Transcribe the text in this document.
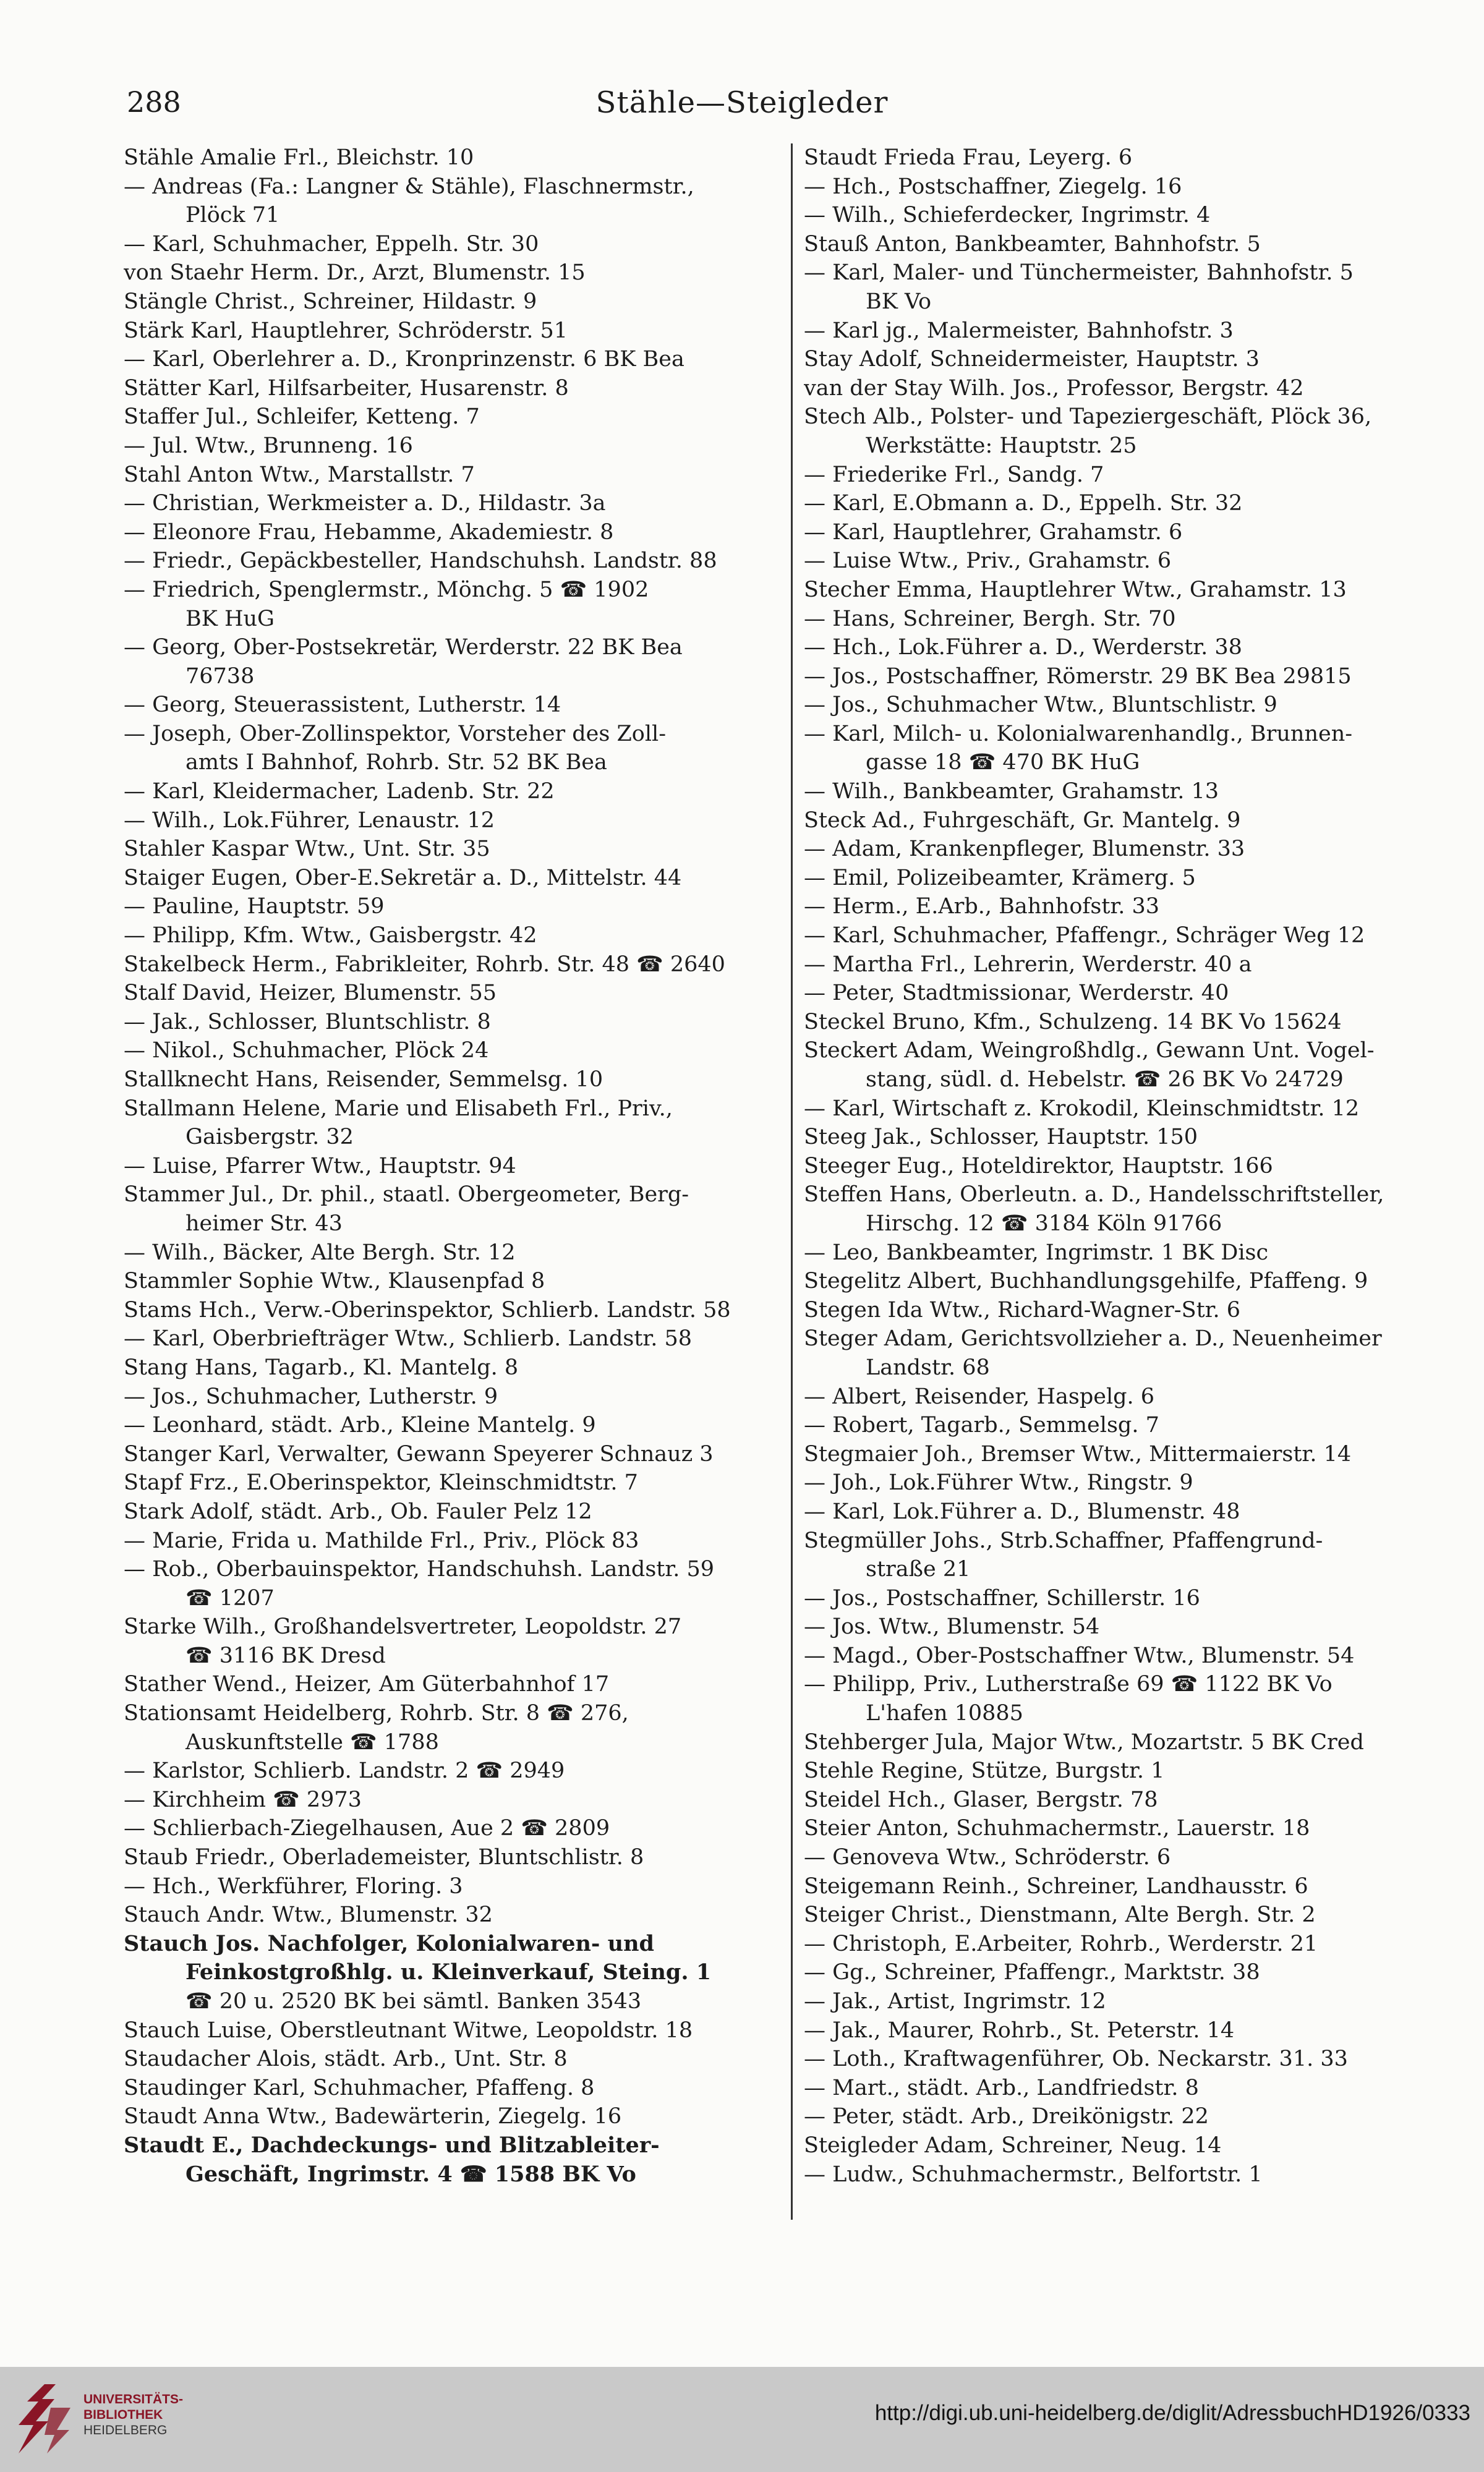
288	Stähle—Steigleder
Stähle Amalie Frl., Bleichstr. 10
— Andreas (Fa.: Langner & Stähle), Flaschnermstr.,
Plöck 71
— Karl, Schuhmacher, Eppelh. Str. 30
von Staehr Herm. Dr., Arzt, Blumenstr. 15
Stängle Christ., Schreiner, Hildastr. 9
Stärk Karl, Hauptlehrer, Schröderstr. 51
— Karl, Oberlehrer a. D., Kronprinzenstr. 6 BK Bea
Stätter Karl, Hilfsarbeiter, Husarenstr. 8
Staffer Jul., Schleifer, Ketteng. 7
— Jul. Wtw., Brunneng. 16
Stahl Anton Wtw., Marstallstr. 7
— Christian, Werkmeister a. D., Hildastr. 3a
— Eleonore Frau, Hebamme, Akademiestr. 8
— Friedr., Gepäckbesteller, Handschuhsh. Landstr. 88
— Friedrich, Spenglermstr., Mönchg. 5 ☎ 1902
BK HuG
— Georg, Ober-Postsekretär, Werderstr. 22 BK Bea
76738
— Georg, Steuerassistent, Lutherstr. 14
— Joseph, Ober-Zollinspektor, Vorsteher des Zoll-
amts I Bahnhof, Rohrb. Str. 52 BK Bea
— Karl, Kleidermacher, Ladenb. Str. 22
— Wilh., Lok.Führer, Lenaustr. 12
Stahler Kaspar Wtw., Unt. Str. 35
Staiger Eugen, Ober-E.Sekretär a. D., Mittelstr. 44
— Pauline, Hauptstr. 59
— Philipp, Kfm. Wtw., Gaisbergstr. 42
Stakelbeck Herm., Fabrikleiter, Rohrb. Str. 48 ☎ 2640
Stalf David, Heizer, Blumenstr. 55
— Jak., Schlosser, Bluntschlistr. 8
— Nikol., Schuhmacher, Plöck 24
Stallknecht Hans, Reisender, Semmelsg. 10
Stallmann Helene, Marie und Elisabeth Frl., Priv.,
Gaisbergstr. 32
— Luise, Pfarrer Wtw., Hauptstr. 94
Stammer Jul., Dr. phil., staatl. Obergeometer, Berg-
heimer Str. 43
— Wilh., Bäcker, Alte Bergh. Str. 12
Stammler Sophie Wtw., Klausenpfad 8
Stams Hch., Verw.-Oberinspektor, Schlierb. Landstr. 58
— Karl, Oberbriefträger Wtw., Schlierb. Landstr. 58
Stang Hans, Tagarb., Kl. Mantelg. 8
— Jos., Schuhmacher, Lutherstr. 9
— Leonhard, städt. Arb., Kleine Mantelg. 9
Stanger Karl, Verwalter, Gewann Speyerer Schnauz 3
Stapf Frz., E.Oberinspektor, Kleinschmidtstr. 7
Stark Adolf, städt. Arb., Ob. Fauler Pelz 12
— Marie, Frida u. Mathilde Frl., Priv., Plöck 83
— Rob., Oberbauinspektor, Handschuhsh. Landstr. 59
☎ 1207
Starke Wilh., Großhandelsvertreter, Leopoldstr. 27
☎ 3116 BK Dresd
Stather Wend., Heizer, Am Güterbahnhof 17
Stationsamt Heidelberg, Rohrb. Str. 8 ☎ 276,
Auskunftstelle ☎ 1788
— Karlstor, Schlierb. Landstr. 2 ☎ 2949
— Kirchheim ☎ 2973
— Schlierbach-Ziegelhausen, Aue 2 ☎ 2809
Staub Friedr., Oberlademeister, Bluntschlistr. 8
— Hch., Werkführer, Floring. 3
Stauch Andr. Wtw., Blumenstr. 32
Stauch Jos. Nachfolger, Kolonialwaren- und
Feinkostgroßhlg. u. Kleinverkauf, Steing. 1
☎ 20 u. 2520 BK bei sämtl. Banken 3543
Stauch Luise, Oberstleutnant Witwe, Leopoldstr. 18
Staudacher Alois, städt. Arb., Unt. Str. 8
Staudinger Karl, Schuhmacher, Pfaffeng. 8
Staudt Anna Wtw., Badewärterin, Ziegelg. 16
Staudt E., Dachdeckungs- und Blitzableiter-
Geschäft, Ingrimstr. 4 ☎ 1588 BK Vo
Staudt Frieda Frau, Leyerg. 6
— Hch., Postschaffner, Ziegelg. 16
— Wilh., Schieferdecker, Ingrimstr. 4
Stauß Anton, Bankbeamter, Bahnhofstr. 5
— Karl, Maler- und Tünchermeister, Bahnhofstr. 5
BK Vo
— Karl jg., Malermeister, Bahnhofstr. 3
Stay Adolf, Schneidermeister, Hauptstr. 3
van der Stay Wilh. Jos., Professor, Bergstr. 42
Stech Alb., Polster- und Tapeziergeschäft, Plöck 36,
Werkstätte: Hauptstr. 25
— Friederike Frl., Sandg. 7
— Karl, E.Obmann a. D., Eppelh. Str. 32
— Karl, Hauptlehrer, Grahamstr. 6
— Luise Wtw., Priv., Grahamstr. 6
Stecher Emma, Hauptlehrer Wtw., Grahamstr. 13
— Hans, Schreiner, Bergh. Str. 70
— Hch., Lok.Führer a. D., Werderstr. 38
— Jos., Postschaffner, Römerstr. 29 BK Bea 29815
— Jos., Schuhmacher Wtw., Bluntschlistr. 9
— Karl, Milch- u. Kolonialwarenhandlg., Brunnen-
gasse 18 ☎ 470 BK HuG
— Wilh., Bankbeamter, Grahamstr. 13
Steck Ad., Fuhrgeschäft, Gr. Mantelg. 9
— Adam, Krankenpfleger, Blumenstr. 33
— Emil, Polizeibeamter, Krämerg. 5
— Herm., E.Arb., Bahnhofstr. 33
— Karl, Schuhmacher, Pfaffengr., Schräger Weg 12
— Martha Frl., Lehrerin, Werderstr. 40 a
— Peter, Stadtmissionar, Werderstr. 40
Steckel Bruno, Kfm., Schulzeng. 14 BK Vo 15624
Steckert Adam, Weingroßhdlg., Gewann Unt. Vogel-
stang, südl. d. Hebelstr. ☎ 26 BK Vo 24729
— Karl, Wirtschaft z. Krokodil, Kleinschmidtstr. 12
Steeg Jak., Schlosser, Hauptstr. 150
Steeger Eug., Hoteldirektor, Hauptstr. 166
Steffen Hans, Oberleutn. a. D., Handelsschriftsteller,
Hirschg. 12 ☎ 3184 Köln 91766
— Leo, Bankbeamter, Ingrimstr. 1 BK Disc
Stegelitz Albert, Buchhandlungsgehilfe, Pfaffeng. 9
Stegen Ida Wtw., Richard-Wagner-Str. 6
Steger Adam, Gerichtsvollzieher a. D., Neuenheimer
Landstr. 68
— Albert, Reisender, Haspelg. 6
— Robert, Tagarb., Semmelsg. 7
Stegmaier Joh., Bremser Wtw., Mittermaierstr. 14
— Joh., Lok.Führer Wtw., Ringstr. 9
— Karl, Lok.Führer a. D., Blumenstr. 48
Stegmüller Johs., Strb.Schaffner, Pfaffengrund-
straße 21
— Jos., Postschaffner, Schillerstr. 16
— Jos. Wtw., Blumenstr. 54
— Magd., Ober-Postschaffner Wtw., Blumenstr. 54
— Philipp, Priv., Lutherstraße 69 ☎ 1122 BK Vo
L'hafen 10885
Stehberger Jula, Major Wtw., Mozartstr. 5 BK Cred
Stehle Regine, Stütze, Burgstr. 1
Steidel Hch., Glaser, Bergstr. 78
Steier Anton, Schuhmachermstr., Lauerstr. 18
— Genoveva Wtw., Schröderstr. 6
Steigemann Reinh., Schreiner, Landhausstr. 6
Steiger Christ., Dienstmann, Alte Bergh. Str. 2
— Christoph, E.Arbeiter, Rohrb., Werderstr. 21
— Gg., Schreiner, Pfaffengr., Marktstr. 38
— Jak., Artist, Ingrimstr. 12
— Jak., Maurer, Rohrb., St. Peterstr. 14
— Loth., Kraftwagenführer, Ob. Neckarstr. 31. 33
— Mart., städt. Arb., Landfriedstr. 8
— Peter, städt. Arb., Dreikönigstr. 22
Steigleder Adam, Schreiner, Neug. 14
— Ludw., Schuhmachermstr., Belfortstr. 1
UNIVERSITÄTS-
BIBLIOTHEK
HEIDELBERG
http://digi.ub.uni-heidelberg.de/diglit/AdressbuchHD1926/0333
